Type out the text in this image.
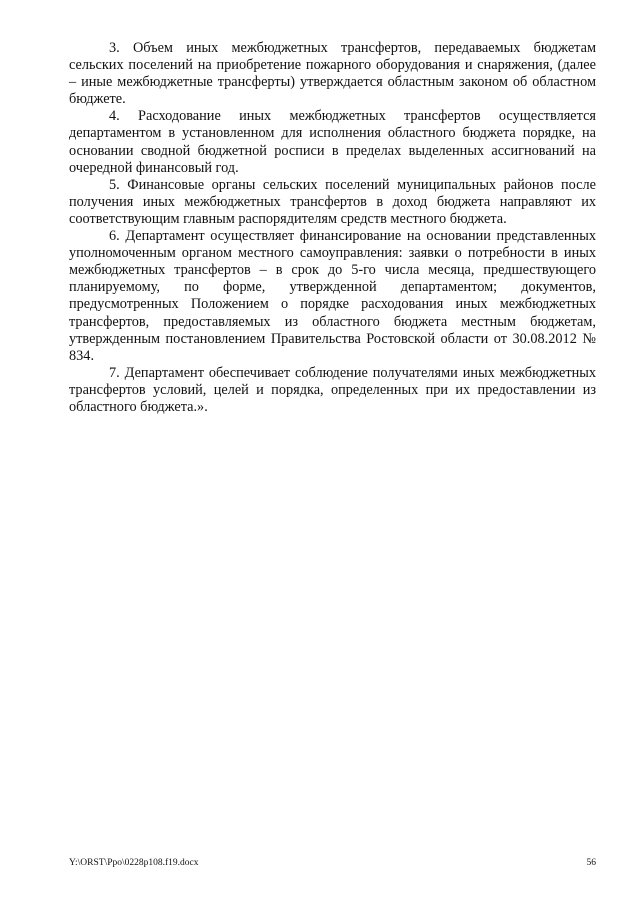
3. Объем иных межбюджетных трансфертов, передаваемых бюджетам сельских поселений на приобретение пожарного оборудования и снаряжения, (далее – иные межбюджетные трансферты) утверждается областным законом об областном бюджете.

4. Расходование иных межбюджетных трансфертов осуществляется департаментом в установленном для исполнения областного бюджета порядке, на основании сводной бюджетной росписи в пределах выделенных ассигнований на очередной финансовый год.

5. Финансовые органы сельских поселений муниципальных районов после получения иных межбюджетных трансфертов в доход бюджета направляют их соответствующим главным распорядителям средств местного бюджета.

6. Департамент осуществляет финансирование на основании представленных уполномоченным органом местного самоуправления: заявки о потребности в иных межбюджетных трансфертов – в срок до 5-го числа месяца, предшествующего планируемому, по форме, утвержденной департаментом; документов, предусмотренных Положением о порядке расходования иных межбюджетных трансфертов, предоставляемых из областного бюджета местным бюджетам, утвержденным постановлением Правительства Ростовской области от 30.08.2012 № 834.

7. Департамент обеспечивает соблюдение получателями иных межбюджетных трансфертов условий, целей и порядка, определенных при их предоставлении из областного бюджета.».

Y:\ORST\Ppo\0228p108.f19.docx	56
